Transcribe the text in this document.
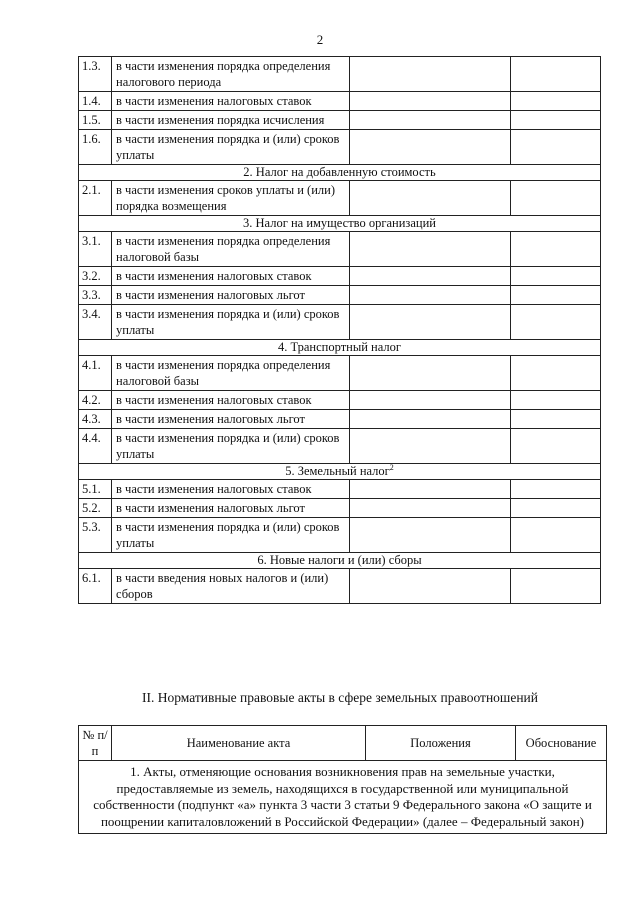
2
1.3.	в части изменения порядка определения налогового периода		
1.4.	в части изменения налоговых ставок		
1.5.	в части изменения порядка исчисления		
1.6.	в части изменения порядка и (или) сроков уплаты		
2. Налог на добавленную стоимость			
2.1.	в части изменения сроков уплаты и (или) порядка возмещения		
3. Налог на имущество организаций			
3.1.	в части изменения порядка определения налоговой базы		
3.2.	в части изменения налоговых ставок		
3.3.	в части изменения налоговых льгот		
3.4.	в части изменения порядка и (или) сроков уплаты		
4. Транспортный налог			
4.1.	в части изменения порядка определения налоговой базы		
4.2.	в части изменения налоговых ставок		
4.3.	в части изменения налоговых льгот		
4.4.	в части изменения порядка и (или) сроков уплаты		
5. Земельный налог$^2$
5.1.	в части изменения налоговых ставок		
5.2.	в части изменения налоговых льгот		
5.3.	в части изменения порядка и (или) сроков уплаты		
6. Новые налоги и (или) сборы			
6.1.	в части введения новых налогов и (или) сборов		
II. Нормативные правовые акты в сфере земельных правоотношений
№ п/п	Наименование акта	Положения	Обоснование
1. Акты, отменяющие основания возникновения прав на земельные участки, предоставляемые из земель, находящихся в государственной или муниципальной собственности (подпункт «а» пункта 3 части 3 статьи 9 Федерального закона «О защите и поощрении капиталовложений в Российской Федерации» (далее – Федеральный закон)
